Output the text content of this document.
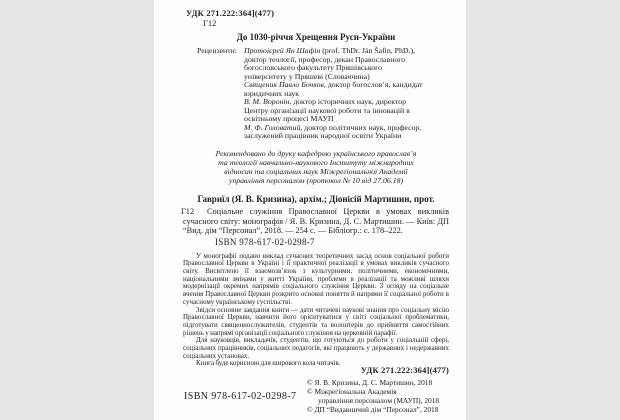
УДК 271.222:364](477)
Г12
До 1030-річчя Хрещення Руси-України
Рецензенти: Протоієрей Ян Шафін (prof. ThDr. Ján Šafin, PhD.), доктор теології, професор, декан Православного богословського факультету Пряшівського університету у Пряшеві (Словаччина)
Священик Павло Бочков, доктор богослов’я, кандидат юридичних наук
В. М. Воронін, доктор історичних наук, директор Центру організації наукової роботи та інновацій в освітньому процесі МАУП
М. Ф. Головатий, доктор політичних наук, професор, заслужений працівник народної освіти України
Рекомендовано до друку кафедрою українського православ’я та теології навчально-наукового Інституту міжнародних відносин та соціальних наук Міжрегіональної Академії управління персоналом (протокол № 10 від 27.06.18)
Гавриїл (Я. В. Кризина), архім.; Діонісій Мартишин, прот.
Г12	Соціальне служіння Православної Церкви в умовах викликів сучасного світу: монографія / Я. В. Кризина, Д. С. Мартишин. — Київ: ДП “Вид. дім “Персонал”, 2018. — 254 с. — Бібліогр.: с. 178–222.

ISBN 978-617-02-0298-7

У монографії подано виклад сучасних теоретичних засад основ соціальної роботи Православної Церкви в Україні і її практичної реалізації в умовах викликів сучасного світу. Висвітлено її взаємозв’язок з культурними, політичними, економічними, національними змінами у житті України, проблеми в реалізації та можливі шляхи модернізації окремих напрямів соціального служіння Церкви. З огляду на соціальне вчення Православної Церкви розкрито основні поняття й напрями її соціальної роботи в сучасному українському суспільстві.

Звідси основне завдання книги — дати читачеві наукові знання про соціальну місію Православної Церкви, навчити його орієнтуватися у світі соціальної проблематики, підготувати священнослужителів, студентів та волонтерів до прийняття самостійних рішень у напрямі організації соціального служіння на церковній парафії.

Для науковців, викладачів, студентів, що готуються до роботи у соціальній сфері, соціальних працівників, соціальних педагогів, які працюють у державних і недержавних соціальних установах.

Книга буде корисною для широкого кола читачів.

УДК 271.222:364](477)
© Я. В. Кризина, Д. С. Мартишин, 2018
© Міжрегіональна Академія
управління персоналом (МАУП), 2018
© ДП “Видавничий дім “Персонал”, 2018
ISBN 978-617-02-0298-7
